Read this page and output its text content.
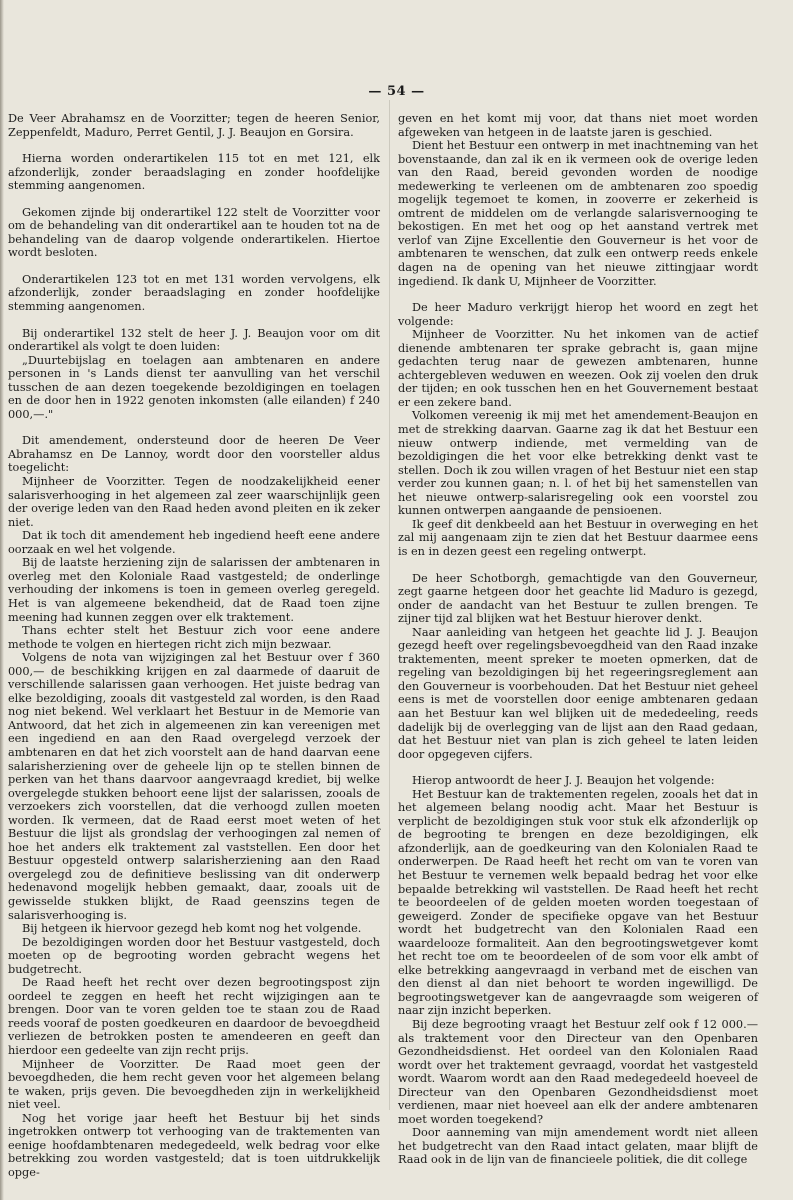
— 54 —

De Veer Abrahamsz en de Voorzitter; tegen de heeren Senior, Zeppenfeldt, Maduro, Perret Gentil, J. J. Beaujon en Gorsira.

Hierna worden onderartikelen 115 tot en met 121, elk afzonderlijk, zonder beraadslaging en zonder hoofdelijke stemming aangenomen.

Gekomen zijnde bij onderartikel 122 stelt de Voorzitter voor om de behandeling van dit onderartikel aan te houden tot na de behandeling van de daarop volgende onderartikelen. Hiertoe wordt besloten.

Onderartikelen 123 tot en met 131 worden vervolgens, elk afzonderlijk, zonder beraadslaging en zonder hoofdelijke stemming aangenomen.

Bij onderartikel 132 stelt de heer J. J. Beaujon voor om dit onderartikel als volgt te doen luiden:

„Duurtebijslag en toelagen aan ambtenaren en andere personen in 's Lands dienst ter aanvulling van het verschil tusschen de aan dezen toegekende bezoldigingen en toelagen en de door hen in 1922 genoten inkomsten (alle eilanden) f 240 000,—."

Dit amendement, ondersteund door de heeren De Veer Abrahamsz en De Lannoy, wordt door den voorsteller aldus toegelicht:

Mijnheer de Voorzitter. Tegen de noodzakelijkheid eener salarisverhooging in het algemeen zal zeer waarschijnlijk geen der overige leden van den Raad heden avond pleiten en ik zeker niet.

Dat ik toch dit amendement heb ingediend heeft eene andere oorzaak en wel het volgende.

Bij de laatste herziening zijn de salarissen der ambtenaren in overleg met den Koloniale Raad vastgesteld; de onderlinge verhouding der inkomens is toen in gemeen overleg geregeld. Het is van algemeene bekendheid, dat de Raad toen zijne meening had kunnen zeggen over elk traktement.

Thans echter stelt het Bestuur zich voor eene andere methode te volgen en hiertegen richt zich mijn bezwaar.

Volgens de nota van wijzigingen zal het Bestuur over f 360 000,— de beschikking krijgen en zal daarmede of daaruit de verschillende salarissen gaan verhoogen. Het juiste bedrag van elke bezoldiging, zooals dit vastgesteld zal worden, is den Raad nog niet bekend. Wel verklaart het Bestuur in de Memorie van Antwoord, dat het zich in algemeenen zin kan vereenigen met een ingediend en aan den Raad overgelegd verzoek der ambtenaren en dat het zich voorstelt aan de hand daarvan eene salarisherziening over de geheele lijn op te stellen binnen de perken van het thans daarvoor aangevraagd krediet, bij welke overgelegde stukken behoort eene lijst der salarissen, zooals de verzoekers zich voorstellen, dat die verhoogd zullen moeten worden. Ik vermeen, dat de Raad eerst moet weten of het Bestuur die lijst als grondslag der verhoogingen zal nemen of hoe het anders elk traktement zal vaststellen. Een door het Bestuur opgesteld ontwerp salarisherziening aan den Raad overgelegd zou de definitieve beslissing van dit onderwerp hedenavond mogelijk hebben gemaakt, daar, zooals uit de gewisselde stukken blijkt, de Raad geenszins tegen de salarisverhooging is.

Bij hetgeen ik hiervoor gezegd heb komt nog het volgende.

De bezoldigingen worden door het Bestuur vastgesteld, doch moeten op de begrooting worden gebracht wegens het budgetrecht.

De Raad heeft het recht over dezen begrootingspost zijn oordeel te zeggen en heeft het recht wijzigingen aan te brengen. Door van te voren gelden toe te staan zou de Raad reeds vooraf de posten goedkeuren en daardoor de bevoegdheid verliezen de betrokken posten te amendeeren en geeft dan hierdoor een gedeelte van zijn recht prijs.

Mijnheer de Voorzitter. De Raad moet geen der bevoegdheden, die hem recht geven voor het algemeen belang te waken, prijs geven. Die bevoegdheden zijn in werkelijkheid niet veel.

Nog het vorige jaar heeft het Bestuur bij het sinds ingetrokken ontwerp tot verhooging van de traktementen van eenige hoofdambtenaren medegedeeld, welk bedrag voor elke betrekking zou worden vastgesteld; dat is toen uitdrukkelijk opge-

geven en het komt mij voor, dat thans niet moet worden afgeweken van hetgeen in de laatste jaren is geschied.

Dient het Bestuur een ontwerp in met inachtneming van het bovenstaande, dan zal ik en ik vermeen ook de overige leden van den Raad, bereid gevonden worden de noodige medewerking te verleenen om de ambtenaren zoo spoedig mogelijk tegemoet te komen, in zooverre er zekerheid is omtrent de middelen om de verlangde salarisvernooging te bekostigen. En met het oog op het aanstand vertrek met verlof van Zijne Excellentie den Gouverneur is het voor de ambtenaren te wenschen, dat zulk een ontwerp reeds enkele dagen na de opening van het nieuwe zittingjaar wordt ingediend. Ik dank U, Mijnheer de Voorzitter.

De heer Maduro verkrijgt hierop het woord en zegt het volgende:

Mijnheer de Voorzitter. Nu het inkomen van de actief dienende ambtenaren ter sprake gebracht is, gaan mijne gedachten terug naar de gewezen ambtenaren, hunne achtergebleven weduwen en weezen. Ook zij voelen den druk der tijden; en ook tusschen hen en het Gouvernement bestaat er een zekere band.

Volkomen vereenig ik mij met het amendement-Beaujon en met de strekking daarvan. Gaarne zag ik dat het Bestuur een nieuw ontwerp indiende, met vermelding van de bezoldigingen die het voor elke betrekking denkt vast te stellen. Doch ik zou willen vragen of het Bestuur niet een stap verder zou kunnen gaan; n. l. of het bij het samenstellen van het nieuwe ontwerp-salarisregeling ook een voorstel zou kunnen ontwerpen aangaande de pensioenen.

Ik geef dit denkbeeld aan het Bestuur in overweging en het zal mij aangenaam zijn te zien dat het Bestuur daarmee eens is en in dezen geest een regeling ontwerpt.

De heer Schotborgh, gemachtigde van den Gouverneur, zegt gaarne hetgeen door het geachte lid Maduro is gezegd, onder de aandacht van het Bestuur te zullen brengen. Te zijner tijd zal blijken wat het Bestuur hierover denkt.

Naar aanleiding van hetgeen het geachte lid J. J. Beaujon gezegd heeft over regelingsbevoegdheid van den Raad inzake traktementen, meent spreker te moeten opmerken, dat de regeling van bezoldigingen bij het regeeringsreglement aan den Gouverneur is voorbehouden. Dat het Bestuur niet geheel eens is met de voorstellen door eenige ambtenaren gedaan aan het Bestuur kan wel blijken uit de mededeeling, reeds dadelijk bij de overlegging van de lijst aan den Raad gedaan, dat het Bestuur niet van plan is zich geheel te laten leiden door opgegeven cijfers.

Hierop antwoordt de heer J. J. Beaujon het volgende:

Het Bestuur kan de traktementen regelen, zooals het dat in het algemeen belang noodig acht. Maar het Bestuur is verplicht de bezoldigingen stuk voor stuk elk afzonderlijk op de begrooting te brengen en deze bezoldigingen, elk afzonderlijk, aan de goedkeuring van den Kolonialen Raad te onderwerpen. De Raad heeft het recht om van te voren van het Bestuur te vernemen welk bepaald bedrag het voor elke bepaalde betrekking wil vaststellen. De Raad heeft het recht te beoordeelen of de gelden moeten worden toegestaan of geweigerd. Zonder de specifieke opgave van het Bestuur wordt het budgetrecht van den Kolonialen Raad een waardelooze formaliteit. Aan den begrootingswetgever komt het recht toe om te beoordeelen of de som voor elk ambt of elke betrekking aangevraagd in verband met de eischen van den dienst al dan niet behoort te worden ingewilligd. De begrootingswetgever kan de aangevraagde som weigeren of naar zijn inzicht beperken.

Bij deze begrooting vraagt het Bestuur zelf ook f 12 000.— als traktement voor den Directeur van den Openbaren Gezondheidsdienst. Het oordeel van den Kolonialen Raad wordt over het traktement gevraagd, voordat het vastgesteld wordt. Waarom wordt aan den Raad medegedeeld hoeveel de Directeur van den Openbaren Gezondheidsdienst moet verdienen, maar niet hoeveel aan elk der andere ambtenaren moet worden toegekend?

Door aanneming van mijn amendement wordt niet alleen het budgetrecht van den Raad intact gelaten, maar blijft de Raad ook in de lijn van de financieele politiek, die dit college
